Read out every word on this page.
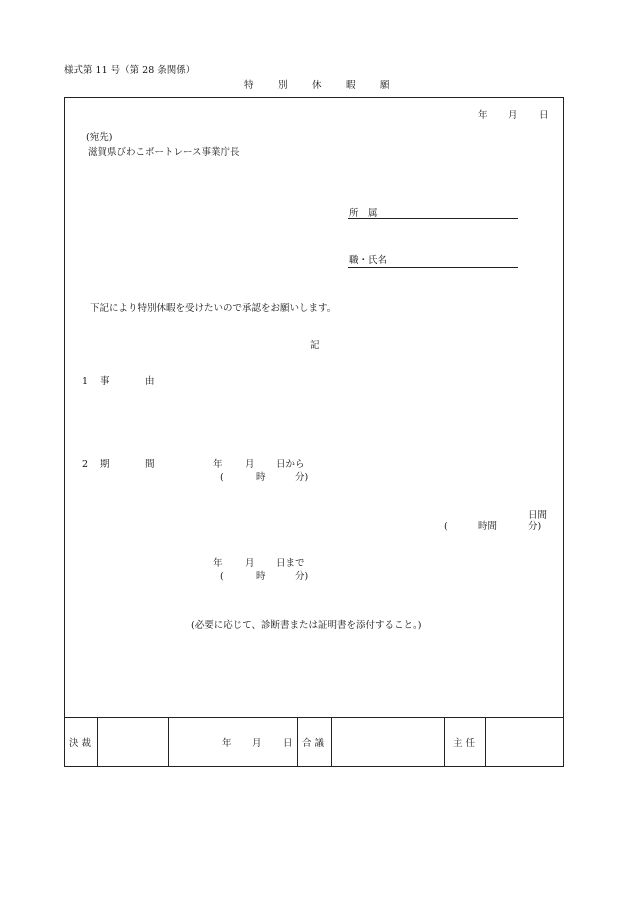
様式第 11 号（第 28 条関係）
特	別	休	暇	願
年 月 日
(宛先)
滋賀県びわこボートレース事業庁長
所　属
職・氏名
下記により特別休暇を受けたいので承認をお願いします。
記
1 事	由
2 期	間	年 月 日から
(	時	分)
日間
(	時間	分)
年 月 日まで
(	時	分)
(必要に応じて、診断書または証明書を添付すること。)
決 裁	年 月 日 合 議	主 任
